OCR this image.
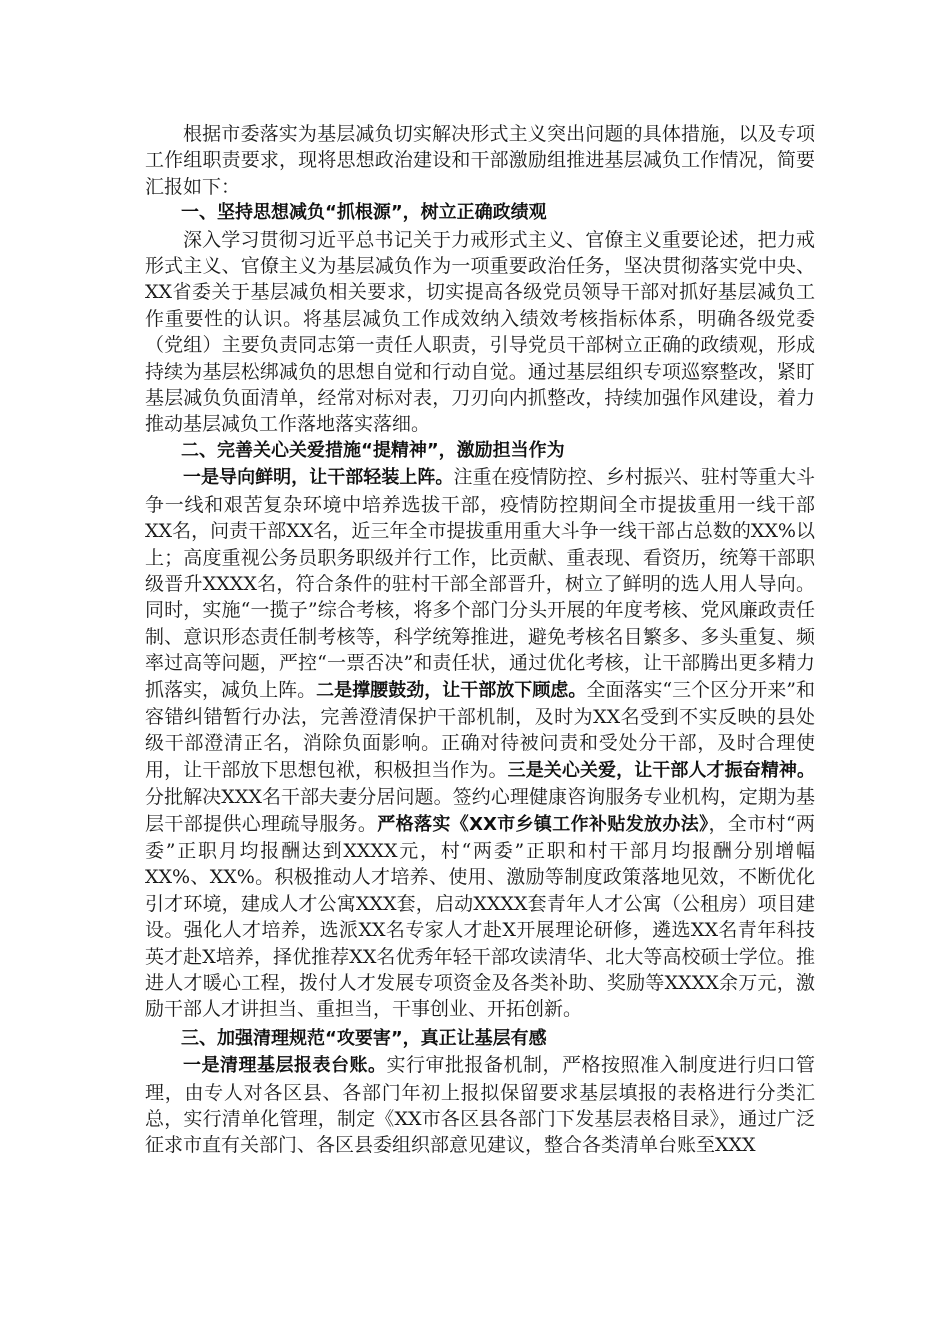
根据市委落实为基层减负切实解决形式主义突出问题的具体措施，以及专项工作组职责要求，现将思想政治建设和干部激励组推进基层减负工作情况，简要汇报如下：

一、坚持思想减负“抓根源”，树立正确政绩观

深入学习贯彻习近平总书记关于力戒形式主义、官僚主义重要论述，把力戒形式主义、官僚主义为基层减负作为一项重要政治任务，坚决贯彻落实党中央、XX省委关于基层减负相关要求，切实提高各级党员领导干部对抓好基层减负工作重要性的认识。将基层减负工作成效纳入绩效考核指标体系，明确各级党委（党组）主要负责同志第一责任人职责，引导党员干部树立正确的政绩观，形成持续为基层松绑减负的思想自觉和行动自觉。通过基层组织专项巡察整改，紧盯基层减负负面清单，经常对标对表，刀刃向内抓整改，持续加强作风建设，着力推动基层减负工作落地落实落细。

二、完善关心关爱措施“提精神”，激励担当作为

一是导向鲜明，让干部轻装上阵。注重在疫情防控、乡村振兴、驻村等重大斗争一线和艰苦复杂环境中培养选拔干部，疫情防控期间全市提拔重用一线干部XX名，问责干部XX名，近三年全市提拔重用重大斗争一线干部占总数的XX%以上；高度重视公务员职务职级并行工作，比贡献、重表现、看资历，统筹干部职级晋升XXXX名，符合条件的驻村干部全部晋升，树立了鲜明的选人用人导向。同时，实施“一揽子”综合考核，将多个部门分头开展的年度考核、党风廉政责任制、意识形态责任制考核等，科学统筹推进，避免考核名目繁多、多头重复、频率过高等问题，严控“一票否决”和责任状，通过优化考核，让干部腾出更多精力抓落实，减负上阵。二是撑腰鼓劲，让干部放下顾虑。全面落实“三个区分开来”和容错纠错暂行办法，完善澄清保护干部机制，及时为XX名受到不实反映的县处级干部澄清正名，消除负面影响。正确对待被问责和受处分干部，及时合理使用，让干部放下思想包袱，积极担当作为。三是关心关爱，让干部人才振奋精神。分批解决XXX名干部夫妻分居问题。签约心理健康咨询服务专业机构，定期为基层干部提供心理疏导服务。严格落实《XX市乡镇工作补贴发放办法》，全市村“两委”正职月均报酬达到XXXX元，村“两委”正职和村干部月均报酬分别增幅XX%、XX%。积极推动人才培养、使用、激励等制度政策落地见效，不断优化引才环境，建成人才公寓XXX套，启动XXXX套青年人才公寓（公租房）项目建设。强化人才培养，选派XX名专家人才赴X开展理论研修，遴选XX名青年科技英才赴X培养，择优推荐XX名优秀年轻干部攻读清华、北大等高校硕士学位。推进人才暖心工程，拨付人才发展专项资金及各类补助、奖励等XXXX余万元，激励干部人才讲担当、重担当，干事创业、开拓创新。

三、加强清理规范“攻要害”，真正让基层有感

一是清理基层报表台账。实行审批报备机制，严格按照准入制度进行归口管理，由专人对各区县、各部门年初上报拟保留要求基层填报的表格进行分类汇总，实行清单化管理，制定《XX市各区县各部门下发基层表格目录》，通过广泛征求市直有关部门、各区县委组织部意见建议，整合各类清单台账至XXX
